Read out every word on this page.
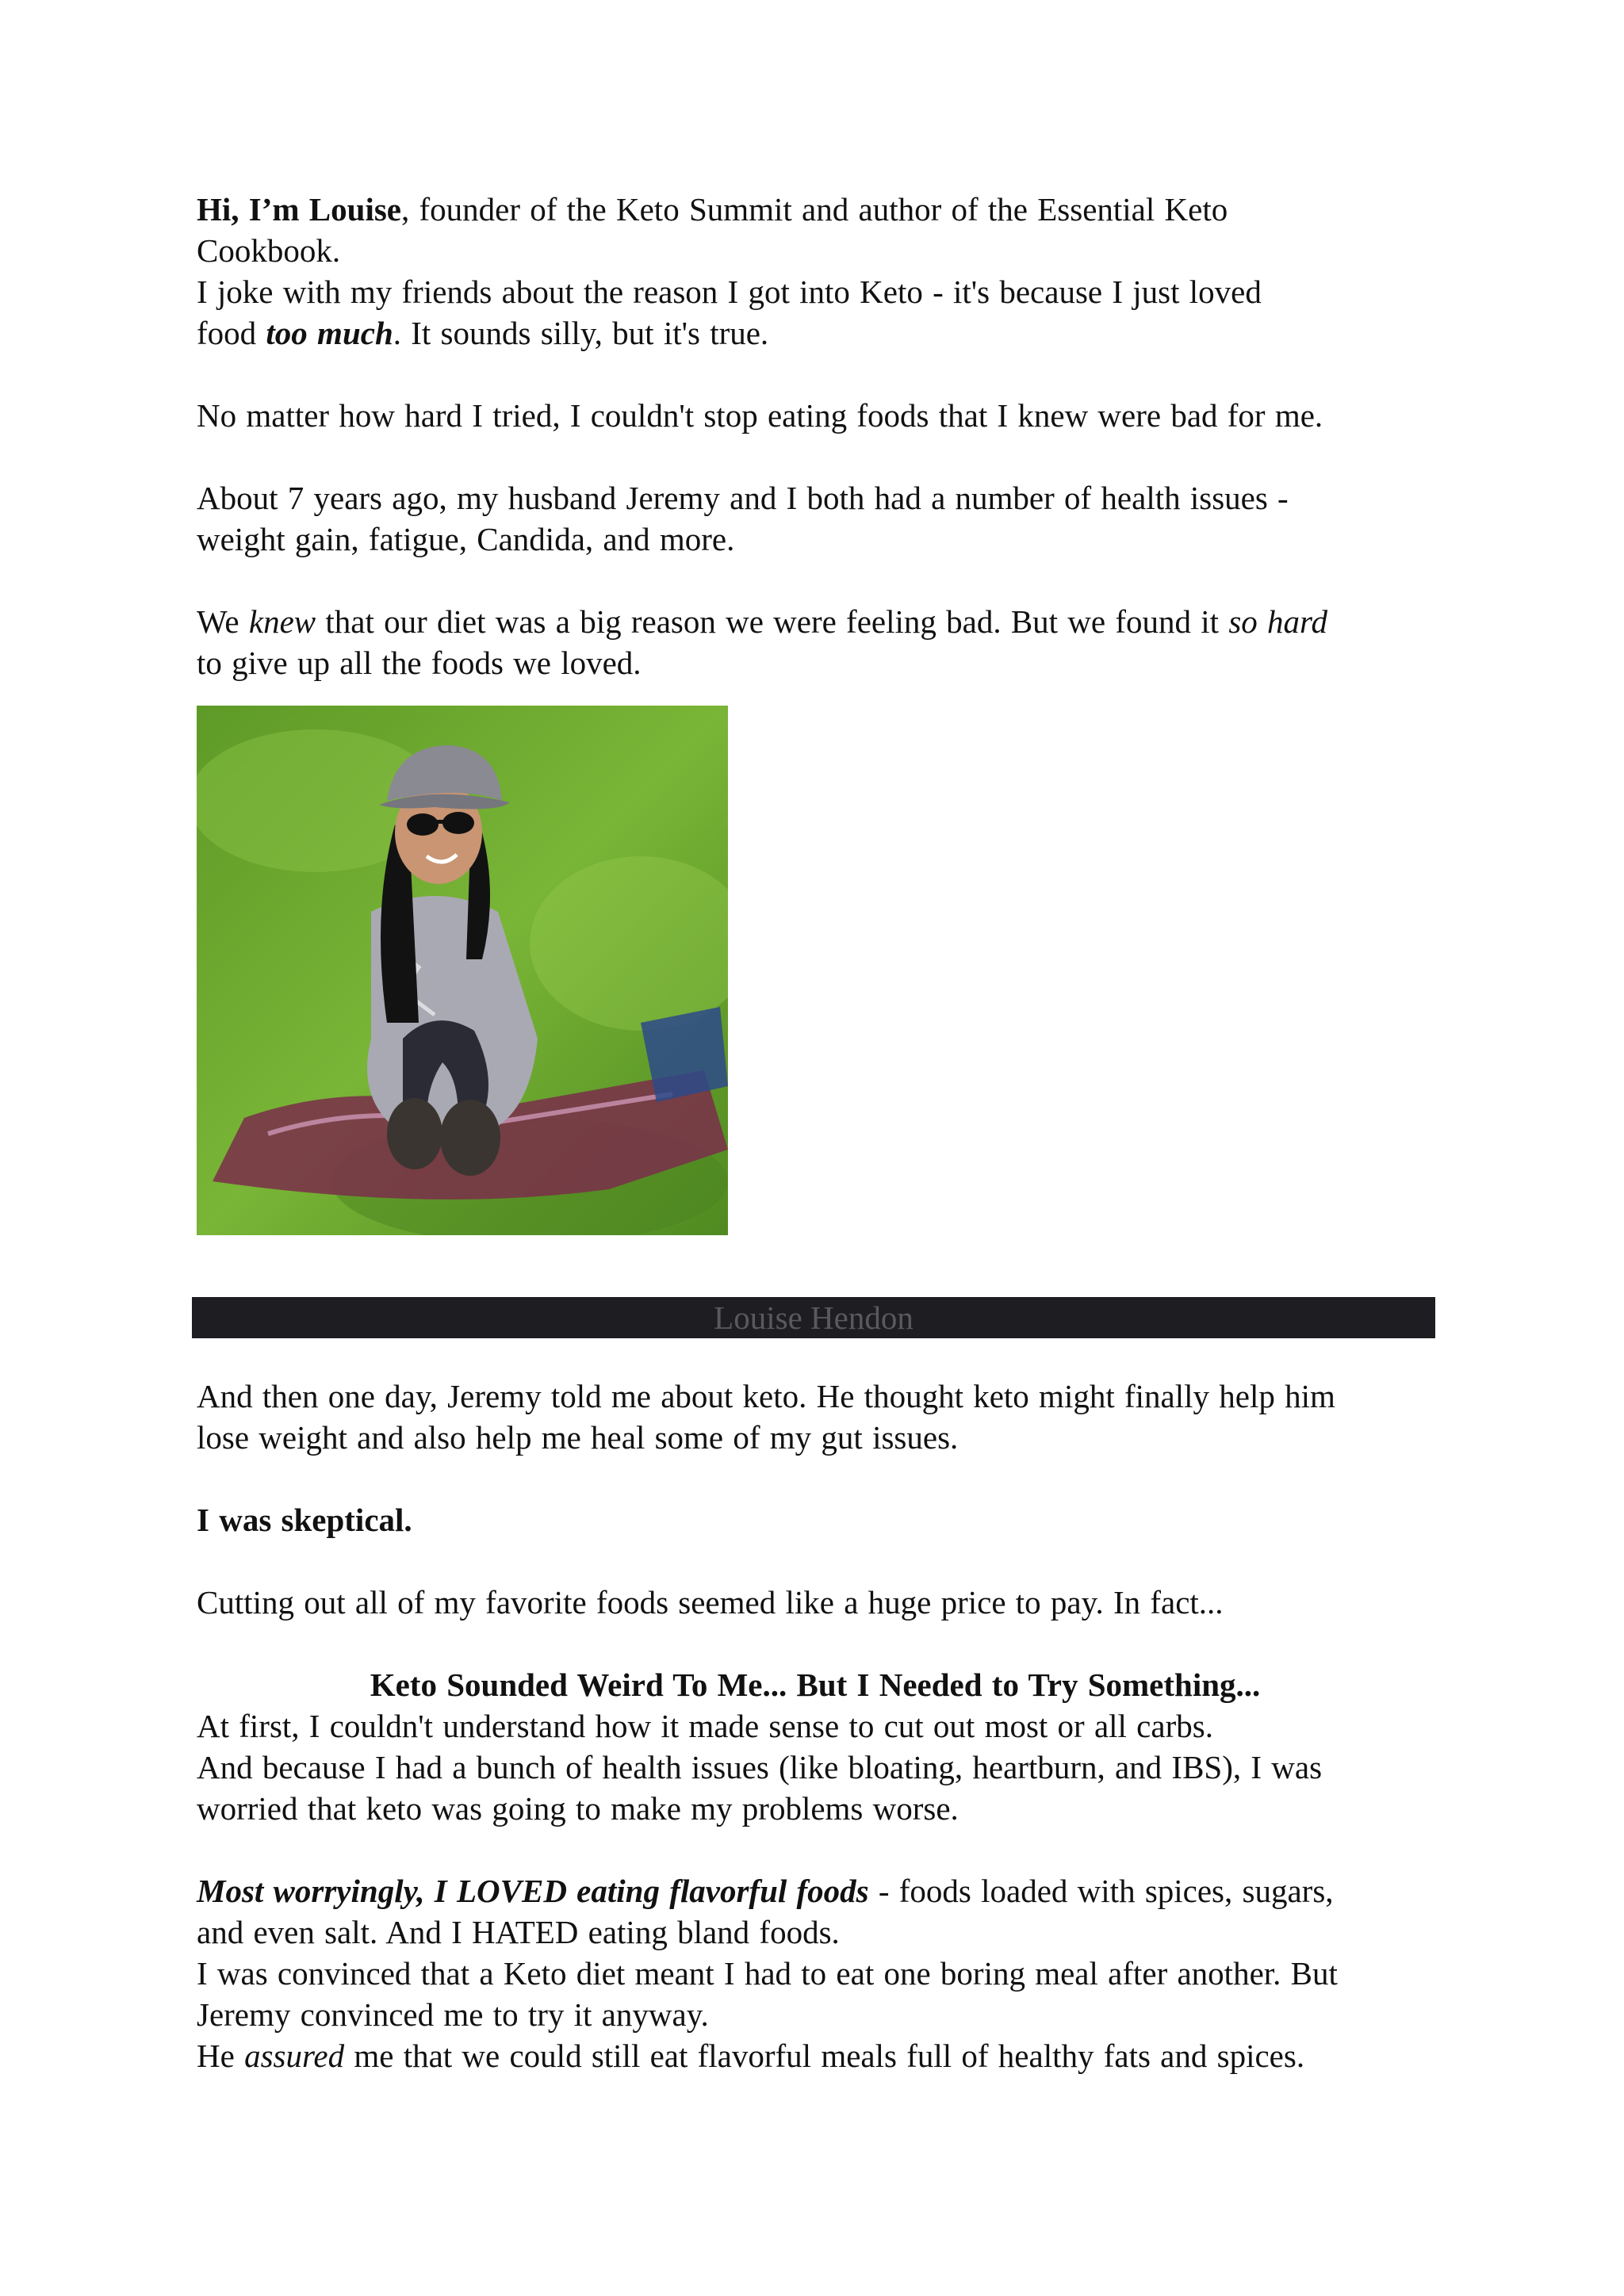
Hi, I’m Louise, founder of the Keto Summit and author of the Essential Keto
Cookbook.
I joke with my friends about the reason I got into Keto - it's because I just loved
food too much. It sounds silly, but it's true.
No matter how hard I tried, I couldn't stop eating foods that I knew were bad for me.
About 7 years ago, my husband Jeremy and I both had a number of health issues -
weight gain, fatigue, Candida, and more.
We knew that our diet was a big reason we were feeling bad. But we found it so hard to give up all the foods we loved.
Louise Hendon
And then one day, Jeremy told me about keto. He thought keto might finally help him
lose weight and also help me heal some of my gut issues.
I was skeptical.
Cutting out all of my favorite foods seemed like a huge price to pay. In fact...
Keto Sounded Weird To Me... But I Needed to Try Something...
At first, I couldn't understand how it made sense to cut out most or all carbs.
And because I had a bunch of health issues (like bloating, heartburn, and IBS), I was
worried that keto was going to make my problems worse.
Most worryingly, I LOVED eating flavorful foods - foods loaded with spices, sugars,
and even salt. And I HATED eating bland foods.
I was convinced that a Keto diet meant I had to eat one boring meal after another. But
Jeremy convinced me to try it anyway.
He assured me that we could still eat flavorful meals full of healthy fats and spices.
